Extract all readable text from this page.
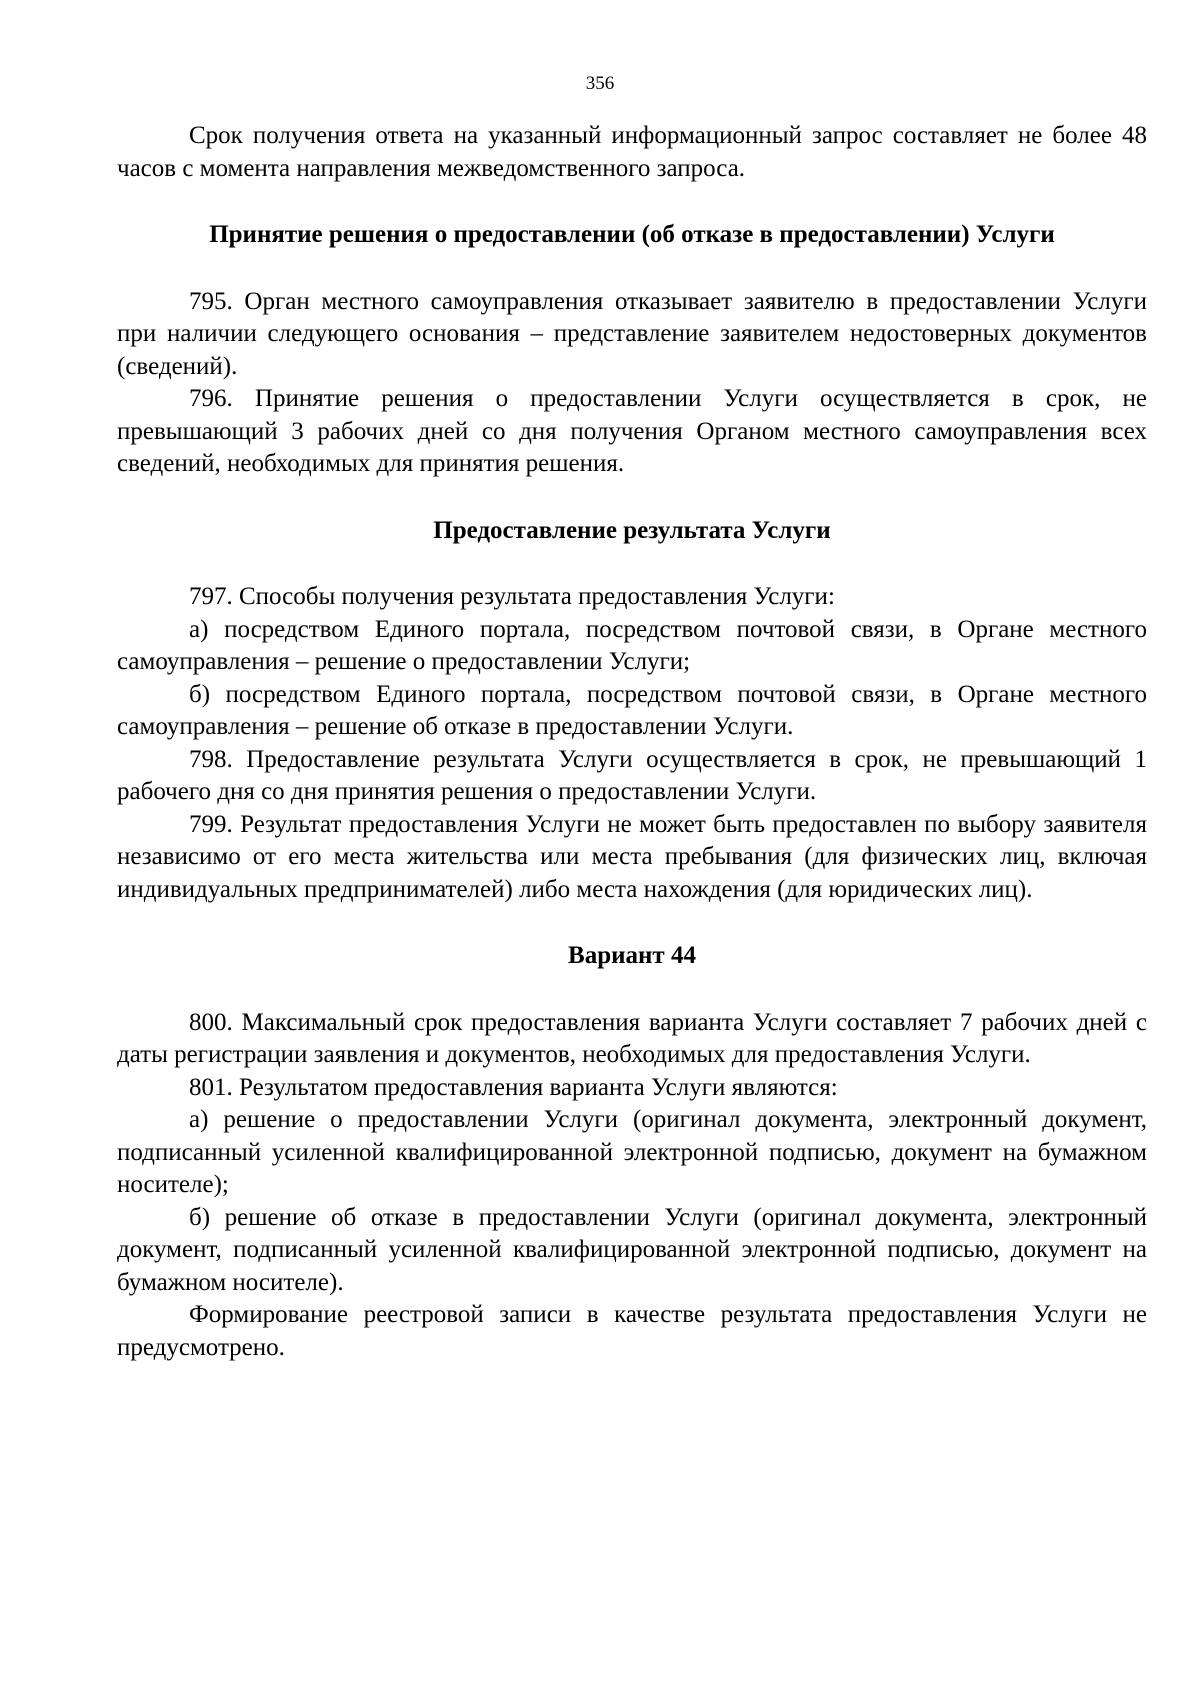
356

Срок получения ответа на указанный информационный запрос составляет не более 48 часов с момента направления межведомственного запроса.

Принятие решения о предоставлении (об отказе в предоставлении) Услуги

795. Орган местного самоуправления отказывает заявителю в предоставлении Услуги при наличии следующего основания – представление заявителем недостоверных документов (сведений).

796. Принятие решения о предоставлении Услуги осуществляется в срок, не превышающий 3 рабочих дней со дня получения Органом местного самоуправления всех сведений, необходимых для принятия решения.

Предоставление результата Услуги

797. Способы получения результата предоставления Услуги:

а) посредством Единого портала, посредством почтовой связи, в Органе местного самоуправления – решение о предоставлении Услуги;

б) посредством Единого портала, посредством почтовой связи, в Органе местного самоуправления – решение об отказе в предоставлении Услуги.

798. Предоставление результата Услуги осуществляется в срок, не превышающий 1 рабочего дня со дня принятия решения о предоставлении Услуги.

799. Результат предоставления Услуги не может быть предоставлен по выбору заявителя независимо от его места жительства или места пребывания (для физических лиц, включая индивидуальных предпринимателей) либо места нахождения (для юридических лиц).

Вариант 44

800. Максимальный срок предоставления варианта Услуги составляет 7 рабочих дней с даты регистрации заявления и документов, необходимых для предоставления Услуги.

801. Результатом предоставления варианта Услуги являются:

а) решение о предоставлении Услуги (оригинал документа, электронный документ, подписанный усиленной квалифицированной электронной подписью, документ на бумажном носителе);

б) решение об отказе в предоставлении Услуги (оригинал документа, электронный документ, подписанный усиленной квалифицированной электронной подписью, документ на бумажном носителе).

Формирование реестровой записи в качестве результата предоставления Услуги не предусмотрено.
